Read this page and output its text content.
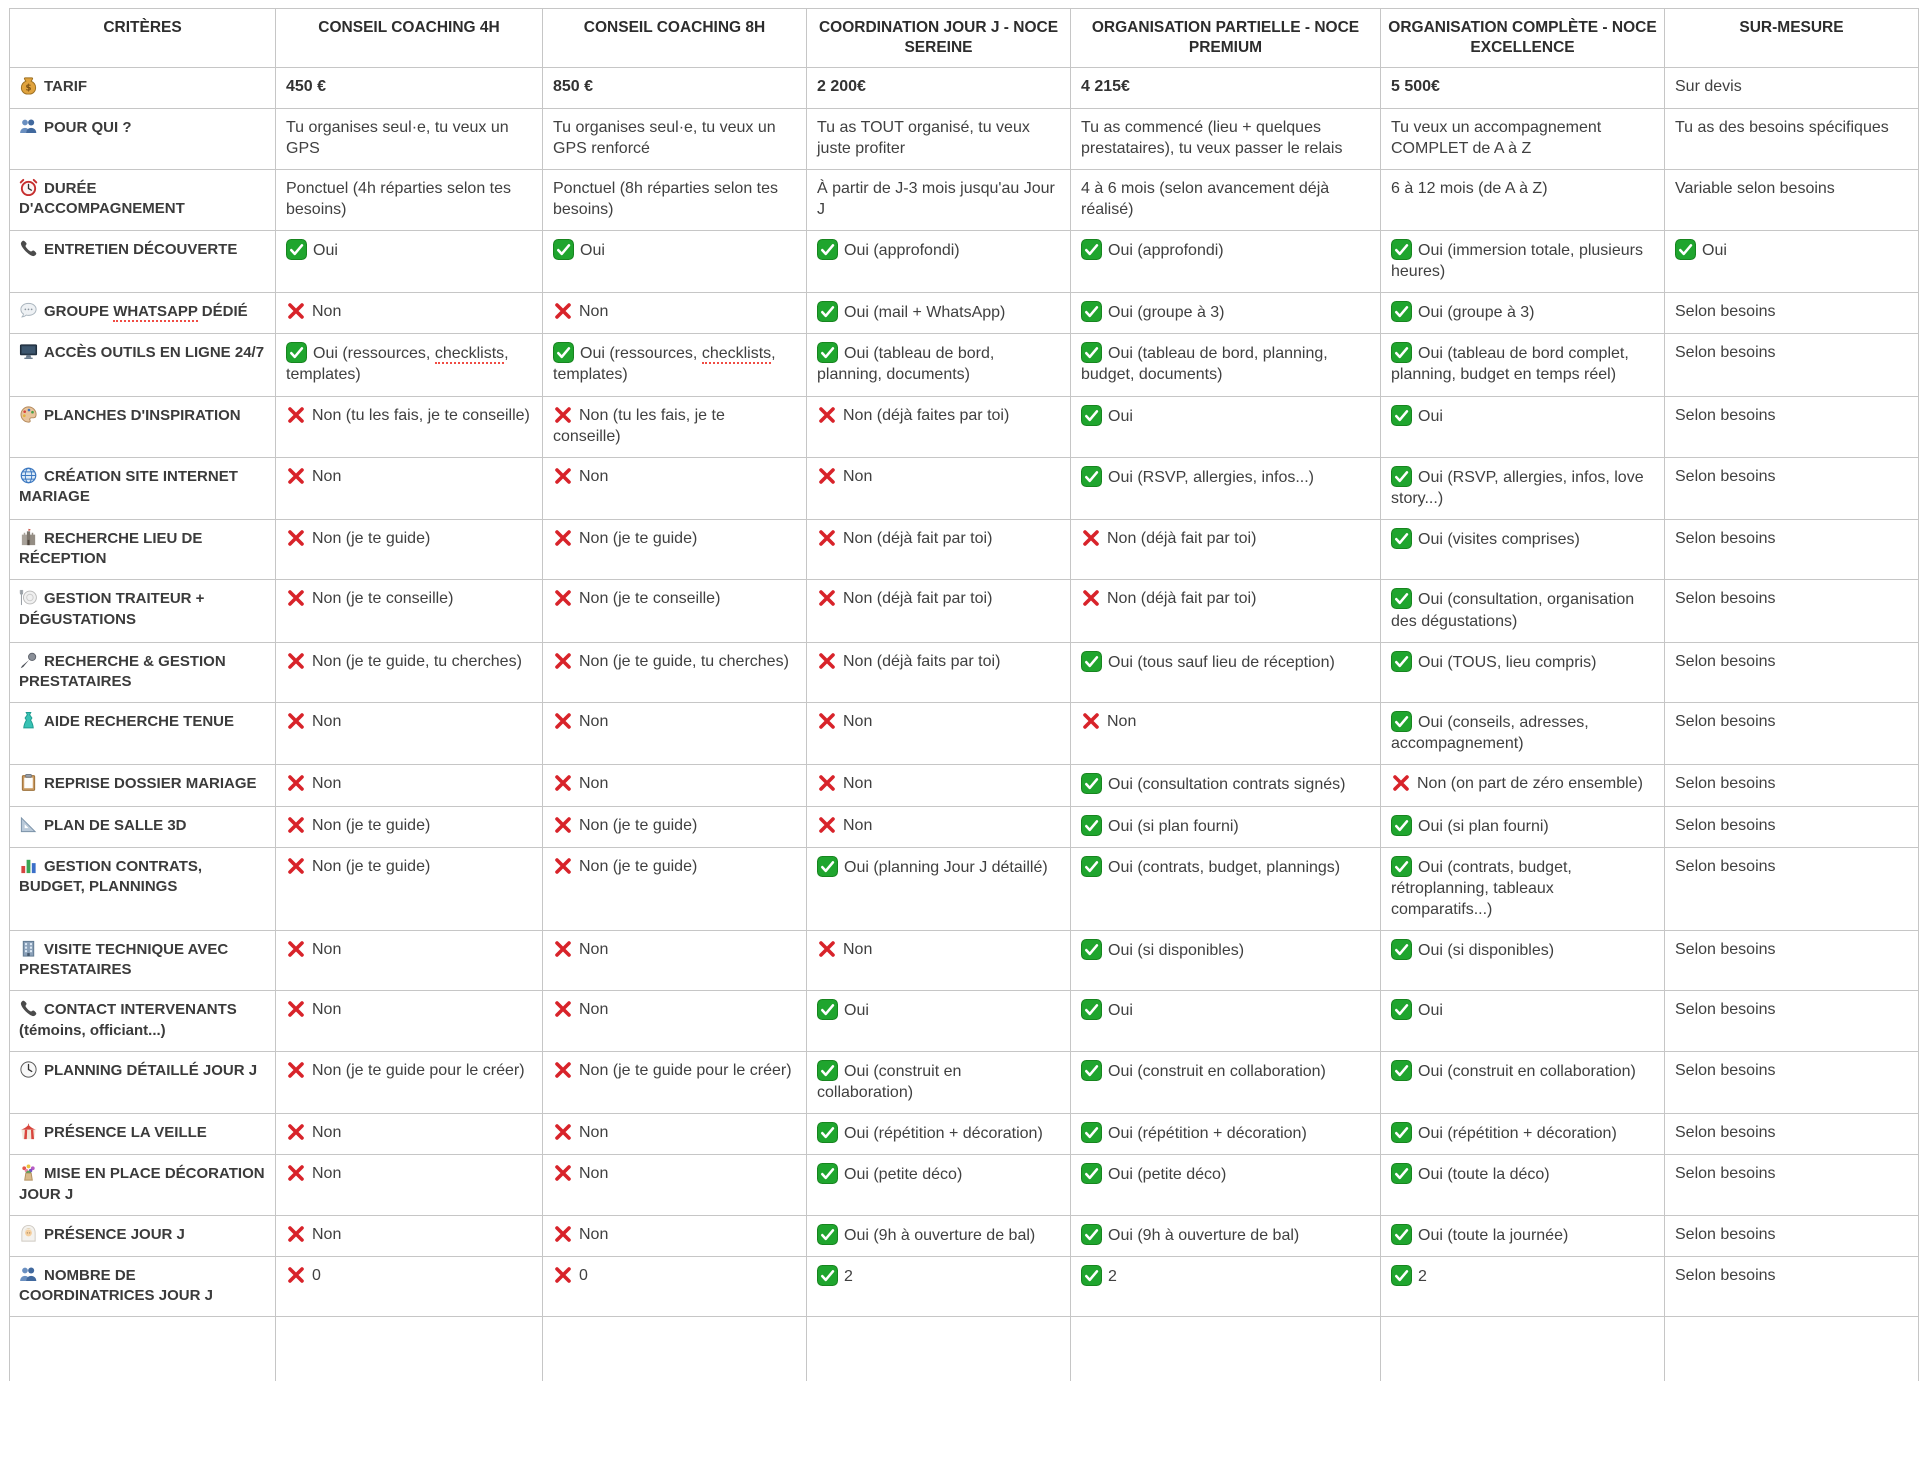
CRITÈRES	CONSEIL COACHING 4H	CONSEIL COACHING 8H	COORDINATION JOUR J - NOCE SEREINE	ORGANISATION PARTIELLE - NOCE PREMIUM	ORGANISATION COMPLÈTE - NOCE EXCELLENCE	SUR-MESURE

$ TARIF	450 €	850 €	2 200€	4 215€	5 500€	Sur devis
POUR QUI ?	Tu organises seul·e, tu veux un GPS	Tu organises seul·e, tu veux un GPS renforcé	Tu as TOUT organisé, tu veux juste profiter	Tu as commencé (lieu + quelques prestataires), tu veux passer le relais	Tu veux un accompagnement COMPLET de A à Z	Tu as des besoins spécifiques
DURÉE D'ACCOMPAGNEMENT	Ponctuel (4h réparties selon tes besoins)	Ponctuel (8h réparties selon tes besoins)	À partir de J-3 mois jusqu'au Jour J	4 à 6 mois (selon avancement déjà réalisé)	6 à 12 mois (de A à Z)	Variable selon besoins
ENTRETIEN DÉCOUVERTE	Oui	Oui	Oui (approfondi)	Oui (approfondi)	Oui (immersion totale, plusieurs heures)	Oui
GROUPE WHATSAPP DÉDIÉ	Non	Non	Oui (mail + WhatsApp)	Oui (groupe à 3)	Oui (groupe à 3)	Selon besoins
ACCÈS OUTILS EN LIGNE 24/7	Oui (ressources, checklists, templates)	Oui (ressources, checklists, templates)	Oui (tableau de bord, planning, documents)	Oui (tableau de bord, planning, budget, documents)	Oui (tableau de bord complet, planning, budget en temps réel)	Selon besoins
PLANCHES D'INSPIRATION	Non (tu les fais, je te conseille)	Non (tu les fais, je te conseille)	Non (déjà faites par toi)	Oui	Oui	Selon besoins
CRÉATION SITE INTERNET MARIAGE	Non	Non	Non	Oui (RSVP, allergies, infos...)	Oui (RSVP, allergies, infos, love story...)	Selon besoins
RECHERCHE LIEU DE RÉCEPTION	Non (je te guide)	Non (je te guide)	Non (déjà fait par toi)	Non (déjà fait par toi)	Oui (visites comprises)	Selon besoins
GESTION TRAITEUR + DÉGUSTATIONS	Non (je te conseille)	Non (je te conseille)	Non (déjà fait par toi)	Non (déjà fait par toi)	Oui (consultation, organisation des dégustations)	Selon besoins
RECHERCHE & GESTION PRESTATAIRES	Non (je te guide, tu cherches)	Non (je te guide, tu cherches)	Non (déjà faits par toi)	Oui (tous sauf lieu de réception)	Oui (TOUS, lieu compris)	Selon besoins
AIDE RECHERCHE TENUE	Non	Non	Non	Non	Oui (conseils, adresses, accompagnement)	Selon besoins
REPRISE DOSSIER MARIAGE	Non	Non	Non	Oui (consultation contrats signés)	Non (on part de zéro ensemble)	Selon besoins
PLAN DE SALLE 3D	Non (je te guide)	Non (je te guide)	Non	Oui (si plan fourni)	Oui (si plan fourni)	Selon besoins
GESTION CONTRATS, BUDGET, PLANNINGS	Non (je te guide)	Non (je te guide)	Oui (planning Jour J détaillé)	Oui (contrats, budget, plannings)	Oui (contrats, budget, rétroplanning, tableaux comparatifs...)	Selon besoins
VISITE TECHNIQUE AVEC PRESTATAIRES	Non	Non	Non	Oui (si disponibles)	Oui (si disponibles)	Selon besoins
CONTACT INTERVENANTS (témoins, officiant...)	Non	Non	Oui	Oui	Oui	Selon besoins
PLANNING DÉTAILLÉ JOUR J	Non (je te guide pour le créer)	Non (je te guide pour le créer)	Oui (construit en collaboration)	Oui (construit en collaboration)	Oui (construit en collaboration)	Selon besoins
PRÉSENCE LA VEILLE	Non	Non	Oui (répétition + décoration)	Oui (répétition + décoration)	Oui (répétition + décoration)	Selon besoins
MISE EN PLACE DÉCORATION JOUR J	Non	Non	Oui (petite déco)	Oui (petite déco)	Oui (toute la déco)	Selon besoins
PRÉSENCE JOUR J	Non	Non	Oui (9h à ouverture de bal)	Oui (9h à ouverture de bal)	Oui (toute la journée)	Selon besoins
NOMBRE DE COORDINATRICES JOUR J	0	0	2	2	2	Selon besoins
